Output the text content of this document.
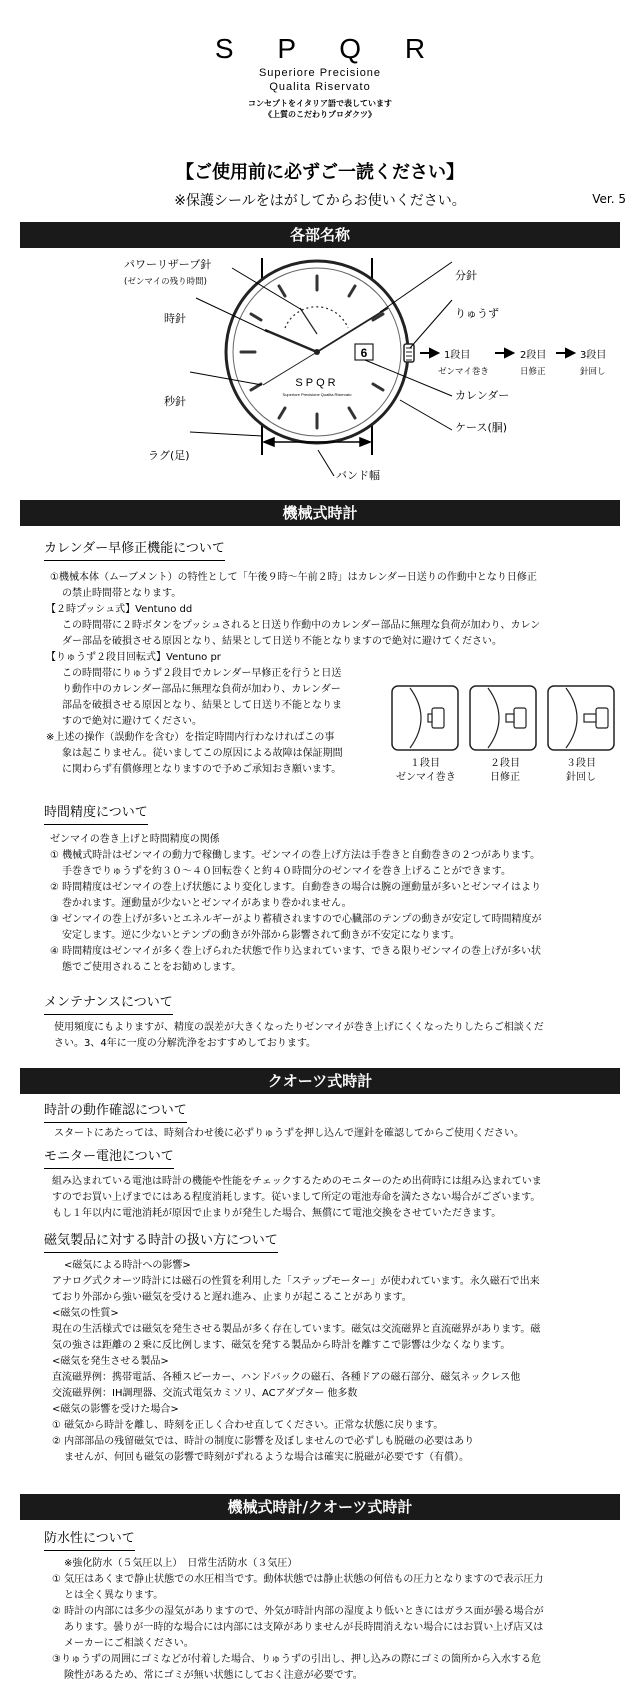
S P Q R
Superiore Precisione
Qualita Riservato
コンセプトをイタリア語で表しています
《上質のこだわりプロダクツ》
【ご使用前に必ずご一読ください】
※保護シールをはがしてからお使いください。	Ver. 5
各部名称
6
SPQR
Superiore Precisione Qualita Riservato
パワーリザーブ針
(ゼンマイの残り時間)
時針
秒針
ラグ(足)
分針
りゅうず
カレンダー
ケース(胴)
バンド幅
1段目
ゼンマイ巻き
2段目
日修正
3段目
針回し
機械式時計
カレンダー早修正機能について

①機械本体（ムーブメント）の特性として「午後９時〜午前２時」はカレンダー日送りの作動中となり日修正

の禁止時間帯となります。

【２時プッシュ式】Ventuno dd

この時間帯に２時ボタンをプッシュされると日送り作動中のカレンダー部品に無理な負荷が加わり、カレン

ダー部品を破損させる原因となり、結果として日送り不能となりますので絶対に避けてください。

【りゅうず２段目回転式】Ventuno pr

この時間帯にりゅうず２段目でカレンダー早修正を行うと日送

り動作中のカレンダー部品に無理な負荷が加わり、カレンダー

部品を破損させる原因となり、結果として日送り不能となりま

すので絶対に避けてください。

※上述の操作（誤動作を含む）を指定時間内行わなければこの事

象は起こりません。従いましてこの原因による故障は保証期間

に関わらず有償修理となりますので予めご承知おき願います。

１段目
ゼンマイ巻き
２段目
日修正
３段目
針回し
時間精度について

ゼンマイの巻き上げと時間精度の関係

① 機械式時計はゼンマイの動力で稼働します。ゼンマイの巻上げ方法は手巻きと自動巻きの２つがあります。

手巻きでりゅうずを約３０〜４０回転巻くと約４０時間分のゼンマイを巻き上げることができます。

② 時間精度はゼンマイの巻上げ状態により変化します。自動巻きの場合は腕の運動量が多いとゼンマイはより

巻かれます。運動量が少ないとゼンマイがあまり巻かれません。

③ ゼンマイの巻上げが多いとエネルギーがより蓄積されますので心臓部のテンプの動きが安定して時間精度が

安定します。逆に少ないとテンプの動きが外部から影響されて動きが不安定になります。

④ 時間精度はゼンマイが多く巻上げられた状態で作り込まれています、できる限りゼンマイの巻上げが多い状

態でご使用されることをお勧めします。

メンテナンスについて

使用頻度にもよりますが、精度の誤差が大きくなったりゼンマイが巻き上げにくくなったりしたらご相談くだ

さい。3、4年に一度の分解洗浄をおすすめしております。

クオーツ式時計
時計の動作確認について

スタートにあたっては、時刻合わせ後に必ずりゅうずを押し込んで運針を確認してからご使用ください。

モニター電池について

組み込まれている電池は時計の機能や性能をチェックするためのモニターのため出荷時には組み込まれていま

すのでお買い上げまでにはある程度消耗します。従いまして所定の電池寿命を満たさない場合がございます。

もし１年以内に電池消耗が原因で止まりが発生した場合、無償にて電池交換をさせていただきます。

磁気製品に対する時計の扱い方について

<磁気による時計への影響>

アナログ式クオーツ時計には磁石の性質を利用した「ステップモーター」が使われています。永久磁石で出来

ており外部から強い磁気を受けると遅れ進み、止まりが起こることがあります。

<磁気の性質>

現在の生活様式では磁気を発生させる製品が多く存在しています。磁気は交流磁界と直流磁界があります。磁

気の強さは距離の２乗に反比例します、磁気を発する製品から時計を離すこで影響は少なくなります。

<磁気を発生させる製品>

直流磁界例：携帯電話、各種スピーカー、ハンドバックの磁石、各種ドアの磁石部分、磁気ネックレス他

交流磁界例：IH調理器、交流式電気カミソリ、ACアダプター 他多数

<磁気の影響を受けた場合>

① 磁気から時計を離し、時刻を正しく合わせ直してください。正常な状態に戻ります。

② 内部部品の残留磁気では、時計の制度に影響を及ぼしませんので必ずしも脱磁の必要はあり

ませんが、何回も磁気の影響で時刻がずれるような場合は確実に脱磁が必要です（有償）。

機械式時計/クオーツ式時計
防水性について

※強化防水（５気圧以上）　日常生活防水（３気圧）

① 気圧はあくまで静止状態での水圧相当です。動体状態では静止状態の何倍もの圧力となりますので表示圧力

とは全く異なります。

② 時計の内部には多少の湿気がありますので、外気が時計内部の湿度より低いときにはガラス面が曇る場合が

あります。曇りが一時的な場合には内部には支障がありませんが長時間消えない場合にはお買い上げ店又は

メーカーにご相談ください。

③りゅうずの周囲にゴミなどが付着した場合、りゅうずの引出し、押し込みの際にゴミの箇所から入水する危

険性があるため、常にゴミが無い状態にしておく注意が必要です。
